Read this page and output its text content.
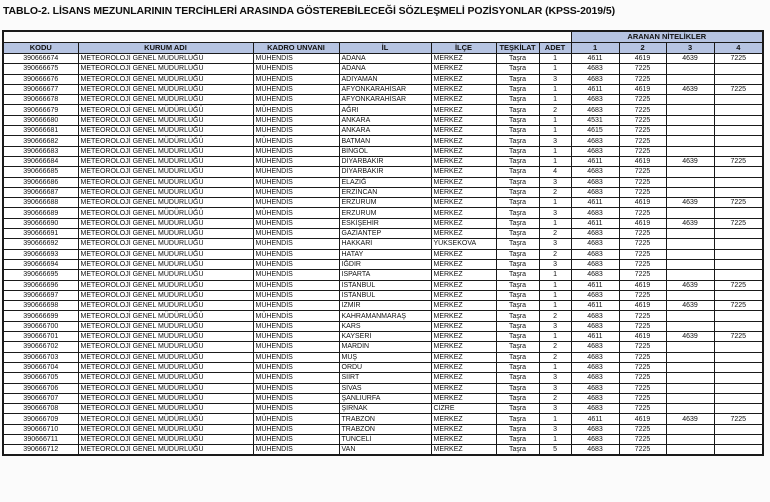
TABLO-2. LİSANS MEZUNLARININ TERCİHLERİ ARASINDA GÖSTEREBİLECEĞİ SÖZLEŞMELİ POZİSYONLAR (KPSS-2019/5)
							ARANAN NİTELİKLER			
KODU	KURUM ADI	KADRO UNVANI	İL	İLÇE	TEŞKİLAT	ADET	1	2	3	4
390666674	METEOROLOJİ GENEL MÜDÜRLÜĞÜ	MÜHENDİS	ADANA	MERKEZ	Taşra	1	4611	4619	4639	7225
390666675	METEOROLOJİ GENEL MÜDÜRLÜĞÜ	MÜHENDİS	ADANA	MERKEZ	Taşra	1	4683	7225		
390666676	METEOROLOJİ GENEL MÜDÜRLÜĞÜ	MÜHENDİS	ADIYAMAN	MERKEZ	Taşra	3	4683	7225		
390666677	METEOROLOJİ GENEL MÜDÜRLÜĞÜ	MÜHENDİS	AFYONKARAHİSAR	MERKEZ	Taşra	1	4611	4619	4639	7225
390666678	METEOROLOJİ GENEL MÜDÜRLÜĞÜ	MÜHENDİS	AFYONKARAHİSAR	MERKEZ	Taşra	1	4683	7225		
390666679	METEOROLOJİ GENEL MÜDÜRLÜĞÜ	MÜHENDİS	AĞRI	MERKEZ	Taşra	2	4683	7225		
390666680	METEOROLOJİ GENEL MÜDÜRLÜĞÜ	MÜHENDİS	ANKARA	MERKEZ	Taşra	1	4531	7225		
390666681	METEOROLOJİ GENEL MÜDÜRLÜĞÜ	MÜHENDİS	ANKARA	MERKEZ	Taşra	1	4615	7225		
390666682	METEOROLOJİ GENEL MÜDÜRLÜĞÜ	MÜHENDİS	BATMAN	MERKEZ	Taşra	3	4683	7225		
390666683	METEOROLOJİ GENEL MÜDÜRLÜĞÜ	MÜHENDİS	BİNGÖL	MERKEZ	Taşra	1	4683	7225		
390666684	METEOROLOJİ GENEL MÜDÜRLÜĞÜ	MÜHENDİS	DİYARBAKIR	MERKEZ	Taşra	1	4611	4619	4639	7225
390666685	METEOROLOJİ GENEL MÜDÜRLÜĞÜ	MÜHENDİS	DİYARBAKIR	MERKEZ	Taşra	4	4683	7225		
390666686	METEOROLOJİ GENEL MÜDÜRLÜĞÜ	MÜHENDİS	ELAZIĞ	MERKEZ	Taşra	3	4683	7225		
390666687	METEOROLOJİ GENEL MÜDÜRLÜĞÜ	MÜHENDİS	ERZİNCAN	MERKEZ	Taşra	2	4683	7225		
390666688	METEOROLOJİ GENEL MÜDÜRLÜĞÜ	MÜHENDİS	ERZURUM	MERKEZ	Taşra	1	4611	4619	4639	7225
390666689	METEOROLOJİ GENEL MÜDÜRLÜĞÜ	MÜHENDİS	ERZURUM	MERKEZ	Taşra	3	4683	7225		
390666690	METEOROLOJİ GENEL MÜDÜRLÜĞÜ	MÜHENDİS	ESKİŞEHİR	MERKEZ	Taşra	1	4611	4619	4639	7225
390666691	METEOROLOJİ GENEL MÜDÜRLÜĞÜ	MÜHENDİS	GAZİANTEP	MERKEZ	Taşra	2	4683	7225		
390666692	METEOROLOJİ GENEL MÜDÜRLÜĞÜ	MÜHENDİS	HAKKARİ	YÜKSEKOVA	Taşra	3	4683	7225		
390666693	METEOROLOJİ GENEL MÜDÜRLÜĞÜ	MÜHENDİS	HATAY	MERKEZ	Taşra	2	4683	7225		
390666694	METEOROLOJİ GENEL MÜDÜRLÜĞÜ	MÜHENDİS	IĞDIR	MERKEZ	Taşra	3	4683	7225		
390666695	METEOROLOJİ GENEL MÜDÜRLÜĞÜ	MÜHENDİS	ISPARTA	MERKEZ	Taşra	1	4683	7225		
390666696	METEOROLOJİ GENEL MÜDÜRLÜĞÜ	MÜHENDİS	İSTANBUL	MERKEZ	Taşra	1	4611	4619	4639	7225
390666697	METEOROLOJİ GENEL MÜDÜRLÜĞÜ	MÜHENDİS	İSTANBUL	MERKEZ	Taşra	1	4683	7225		
390666698	METEOROLOJİ GENEL MÜDÜRLÜĞÜ	MÜHENDİS	İZMİR	MERKEZ	Taşra	1	4611	4619	4639	7225
390666699	METEOROLOJİ GENEL MÜDÜRLÜĞÜ	MÜHENDİS	KAHRAMANMARAŞ	MERKEZ	Taşra	2	4683	7225		
390666700	METEOROLOJİ GENEL MÜDÜRLÜĞÜ	MÜHENDİS	KARS	MERKEZ	Taşra	3	4683	7225		
390666701	METEOROLOJİ GENEL MÜDÜRLÜĞÜ	MÜHENDİS	KAYSERİ	MERKEZ	Taşra	1	4611	4619	4639	7225
390666702	METEOROLOJİ GENEL MÜDÜRLÜĞÜ	MÜHENDİS	MARDİN	MERKEZ	Taşra	2	4683	7225		
390666703	METEOROLOJİ GENEL MÜDÜRLÜĞÜ	MÜHENDİS	MUŞ	MERKEZ	Taşra	2	4683	7225		
390666704	METEOROLOJİ GENEL MÜDÜRLÜĞÜ	MÜHENDİS	ORDU	MERKEZ	Taşra	1	4683	7225		
390666705	METEOROLOJİ GENEL MÜDÜRLÜĞÜ	MÜHENDİS	SİİRT	MERKEZ	Taşra	3	4683	7225		
390666706	METEOROLOJİ GENEL MÜDÜRLÜĞÜ	MÜHENDİS	SİVAS	MERKEZ	Taşra	3	4683	7225		
390666707	METEOROLOJİ GENEL MÜDÜRLÜĞÜ	MÜHENDİS	ŞANLIURFA	MERKEZ	Taşra	2	4683	7225		
390666708	METEOROLOJİ GENEL MÜDÜRLÜĞÜ	MÜHENDİS	ŞIRNAK	CİZRE	Taşra	3	4683	7225		
390666709	METEOROLOJİ GENEL MÜDÜRLÜĞÜ	MÜHENDİS	TRABZON	MERKEZ	Taşra	1	4611	4619	4639	7225
390666710	METEOROLOJİ GENEL MÜDÜRLÜĞÜ	MÜHENDİS	TRABZON	MERKEZ	Taşra	3	4683	7225		
390666711	METEOROLOJİ GENEL MÜDÜRLÜĞÜ	MÜHENDİS	TUNCELİ	MERKEZ	Taşra	1	4683	7225		
390666712	METEOROLOJİ GENEL MÜDÜRLÜĞÜ	MÜHENDİS	VAN	MERKEZ	Taşra	5	4683	7225		
